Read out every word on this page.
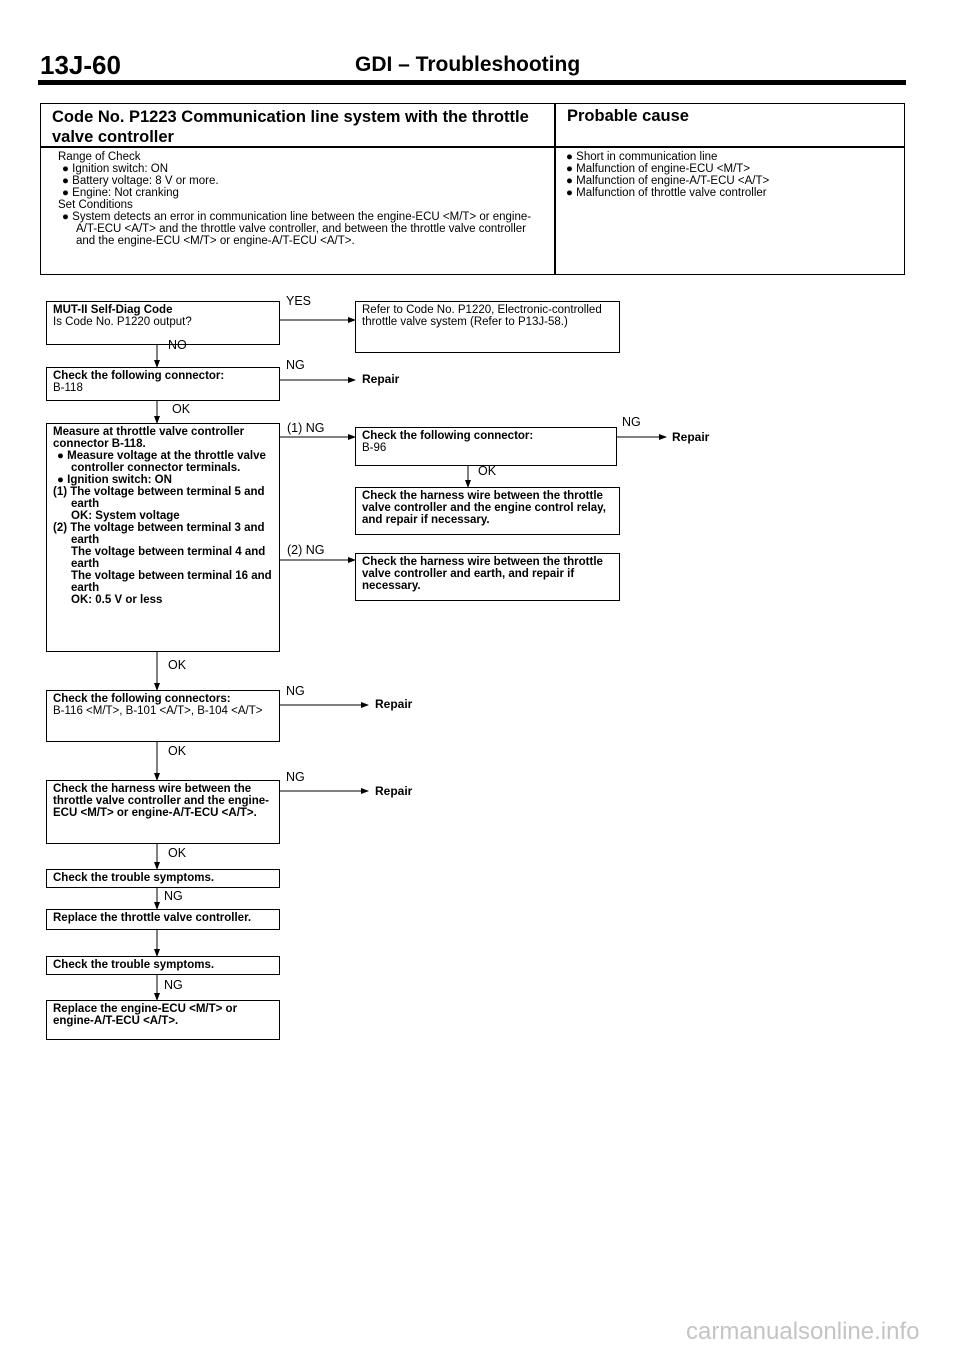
13J-60	GDI – Troubleshooting
Code No. P1223 Communication line system with the throttle valve controller
Probable cause
Range of Check
● Ignition switch: ON
● Battery voltage: 8 V or more.
● Engine: Not cranking
Set Conditions
● System detects an error in communication line between the engine-ECU <M/T> or engine-A/T-ECU <A/T> and the throttle valve controller, and between the throttle valve controller and the engine-ECU <M/T> or engine-A/T-ECU <A/T>.
● Short in communication line
● Malfunction of engine-ECU <M/T>
● Malfunction of engine-A/T-ECU <A/T>
● Malfunction of throttle valve controller
MUT-II Self-Diag Code
Is Code No. P1220 output?
YES
Refer to Code No. P1220, Electronic-controlled throttle valve system (Refer to P13J-58.)
NO
Check the following connector:
B-118
NG
Repair
OK
Measure at throttle valve controller connector B-118.
● Measure voltage at the throttle valve controller connector terminals.
● Ignition switch: ON
(1) The voltage between terminal 5 and earth
OK: System voltage
(2) The voltage between terminal 3 and earth
The voltage between terminal 4 and earth
The voltage between terminal 16 and earth
OK: 0.5 V or less
(1) NG
Check the following connector:
B-96
NG
Repair
OK
Check the harness wire between the throttle valve controller and the engine control relay, and repair if necessary.
(2) NG
Check the harness wire between the throttle valve controller and earth, and repair if necessary.
OK
Check the following connectors:
B-116 <M/T>, B-101 <A/T>, B-104 <A/T>
NG
Repair
OK
Check the harness wire between the throttle valve controller and the engine-ECU <M/T> or engine-A/T-ECU <A/T>.
NG
Repair
OK
Check the trouble symptoms.
NG
Replace the throttle valve controller.
Check the trouble symptoms.
NG
Replace the engine-ECU <M/T> or engine-A/T-ECU <A/T>.
carmanualsonline.info
